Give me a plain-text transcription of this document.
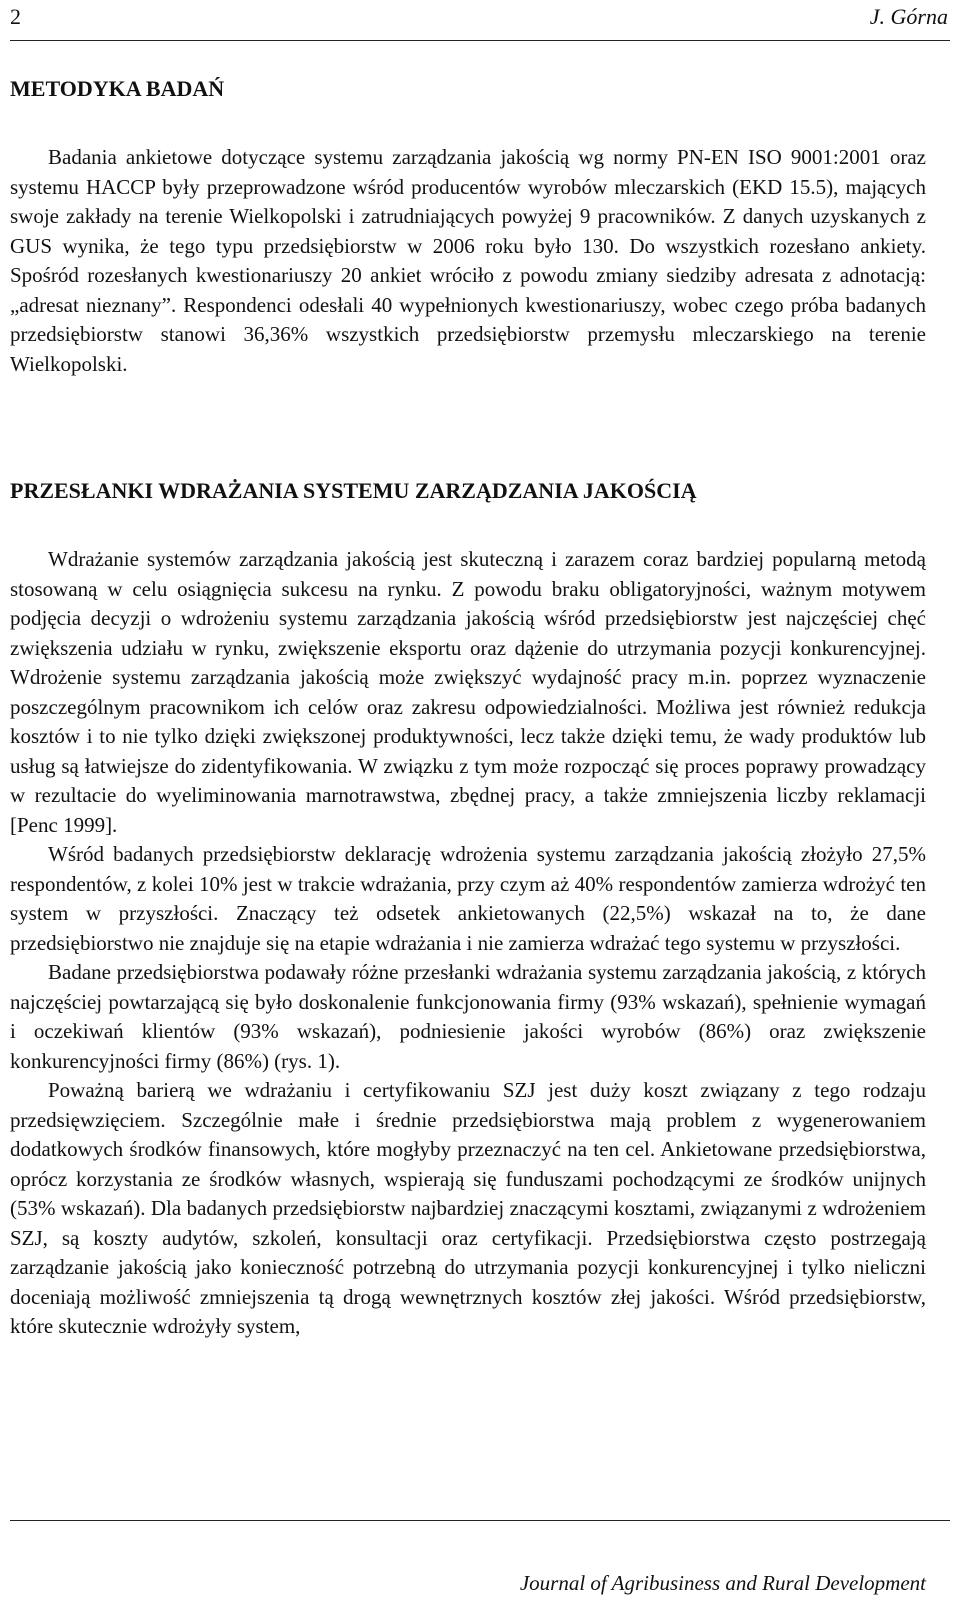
2	J. Górna
METODYKA BADAŃ

Badania ankietowe dotyczące systemu zarządzania jakością wg normy PN-EN ISO 9001:2001 oraz systemu HACCP były przeprowadzone wśród producentów wyrobów mleczarskich (EKD 15.5), mających swoje zakłady na terenie Wielkopolski i zatrudniających powyżej 9 pracowników. Z danych uzyskanych z GUS wynika, że tego typu przedsiębiorstw w 2006 roku było 130. Do wszystkich rozesłano ankiety. Spośród rozesłanych kwestionariuszy 20 ankiet wróciło z powodu zmiany siedziby adresata z adnotacją: „adresat nieznany”. Respondenci odesłali 40 wypełnionych kwestionariuszy, wobec czego próba badanych przedsiębiorstw stanowi 36,36% wszystkich przedsiębiorstw przemysłu mleczarskiego na terenie Wielkopolski.

PRZESŁANKI WDRAŻANIA SYSTEMU ZARZĄDZANIA JAKOŚCIĄ

Wdrażanie systemów zarządzania jakością jest skuteczną i zarazem coraz bardziej popularną metodą stosowaną w celu osiągnięcia sukcesu na rynku. Z powodu braku obligatoryjności, ważnym motywem podjęcia decyzji o wdrożeniu systemu zarządzania jakością wśród przedsiębiorstw jest najczęściej chęć zwiększenia udziału w rynku, zwiększenie eksportu oraz dążenie do utrzymania pozycji konkurencyjnej. Wdrożenie systemu zarządzania jakością może zwiększyć wydajność pracy m.in. poprzez wyznaczenie poszczególnym pracownikom ich celów oraz zakresu odpowiedzialności. Możliwa jest również redukcja kosztów i to nie tylko dzięki zwiększonej produktywności, lecz także dzięki temu, że wady produktów lub usług są łatwiejsze do zidentyfikowania. W związku z tym może rozpocząć się proces poprawy prowadzący w rezultacie do wyeliminowania marnotrawstwa, zbędnej pracy, a także zmniejszenia liczby reklamacji [Penc 1999].

Wśród badanych przedsiębiorstw deklarację wdrożenia systemu zarządzania jakością złożyło 27,5% respondentów, z kolei 10% jest w trakcie wdrażania, przy czym aż 40% respondentów zamierza wdrożyć ten system w przyszłości. Znaczący też odsetek ankietowanych (22,5%) wskazał na to, że dane przedsiębiorstwo nie znajduje się na etapie wdrażania i nie zamierza wdrażać tego systemu w przyszłości.

Badane przedsiębiorstwa podawały różne przesłanki wdrażania systemu zarządzania jakością, z których najczęściej powtarzającą się było doskonalenie funkcjonowania firmy (93% wskazań), spełnienie wymagań i oczekiwań klientów (93% wskazań), podniesienie jakości wyrobów (86%) oraz zwiększenie konkurencyjności firmy (86%) (rys. 1).

Poważną barierą we wdrażaniu i certyfikowaniu SZJ jest duży koszt związany z tego rodzaju przedsięwzięciem. Szczególnie małe i średnie przedsiębiorstwa mają problem z wygenerowaniem dodatkowych środków finansowych, które mogłyby przeznaczyć na ten cel. Ankietowane przedsiębiorstwa, oprócz korzystania ze środków własnych, wspierają się funduszami pochodzącymi ze środków unijnych (53% wskazań). Dla badanych przedsiębiorstw najbardziej znaczącymi kosztami, związanymi z wdrożeniem SZJ, są koszty audytów, szkoleń, konsultacji oraz certyfikacji. Przedsiębiorstwa często postrzegają zarządzanie jakością jako konieczność potrzebną do utrzymania pozycji konkurencyjnej i tylko nieliczni doceniają możliwość zmniejszenia tą drogą wewnętrznych kosztów złej jakości. Wśród przedsiębiorstw, które skutecznie wdrożyły system,

Journal of Agribusiness and Rural Development
